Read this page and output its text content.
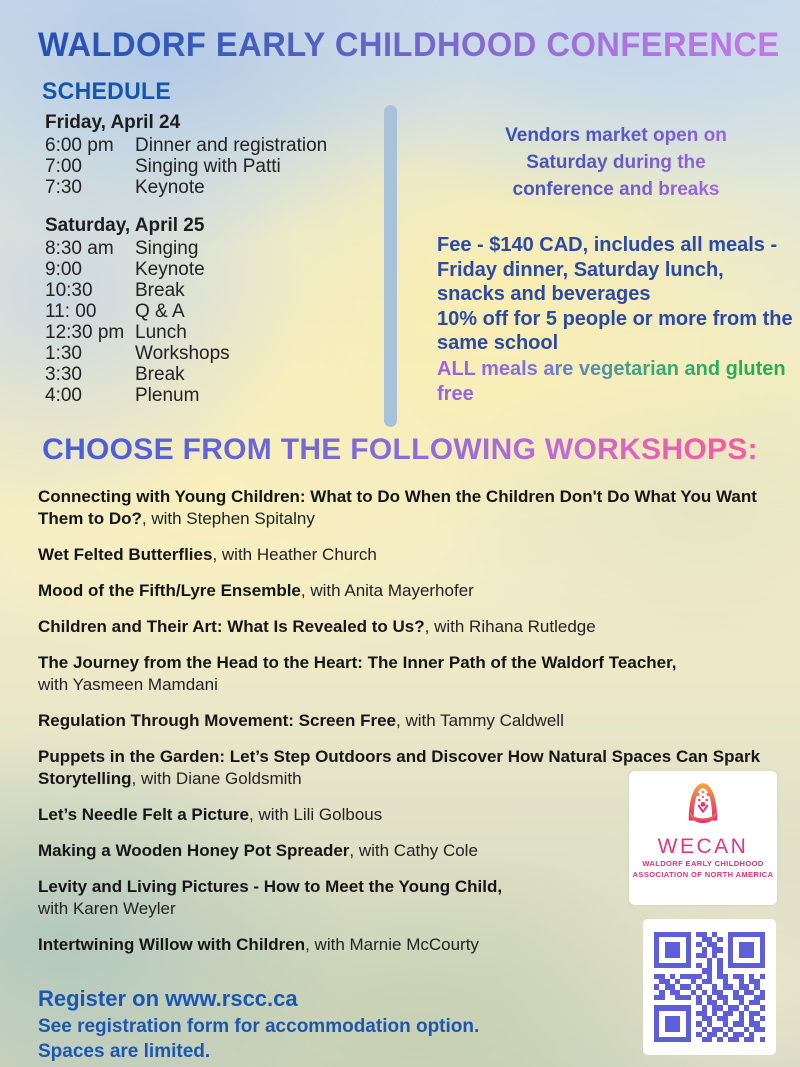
WALDORF EARLY CHILDHOOD CONFERENCE
SCHEDULE
Friday, April 24
6:00 pm	Dinner and registration
7:00	Singing with Patti
7:30	Keynote
Saturday, April 25
8:30 am	Singing
9:00	Keynote
10:30	Break
11: 00	Q & A
12:30 pm Lunch
1:30	Workshops
3:30	Break
4:00	Plenum
Vendors market open on Saturday during the conference and breaks
Fee - $140 CAD, includes all meals - Friday dinner, Saturday lunch, snacks and beverages
10% off for 5 people or more from the same school
ALL meals are vegetarian and gluten free
CHOOSE FROM THE FOLLOWING WORKSHOPS:
Connecting with Young Children: What to Do When the Children Don't Do What You Want Them to Do?, with Stephen Spitalny
Wet Felted Butterflies, with Heather Church
Mood of the Fifth/Lyre Ensemble, with Anita Mayerhofer
Children and Their Art: What Is Revealed to Us?, with Rihana Rutledge
The Journey from the Head to the Heart: The Inner Path of the Waldorf Teacher,
with Yasmeen Mamdani
Regulation Through Movement: Screen Free, with Tammy Caldwell
Puppets in the Garden: Let’s Step Outdoors and Discover How Natural Spaces Can Spark Storytelling, with Diane Goldsmith
Let’s Needle Felt a Picture, with Lili Golbous
Making a Wooden Honey Pot Spreader, with Cathy Cole
Levity and Living Pictures - How to Meet the Young Child,
with Karen Weyler
Intertwining Willow with Children, with Marnie McCourty
WECAN
WALDORF EARLY CHILDHOOD
ASSOCIATION OF NORTH AMERICA
Register on www.rscc.ca
See registration form for accommodation option.
Spaces are limited.
